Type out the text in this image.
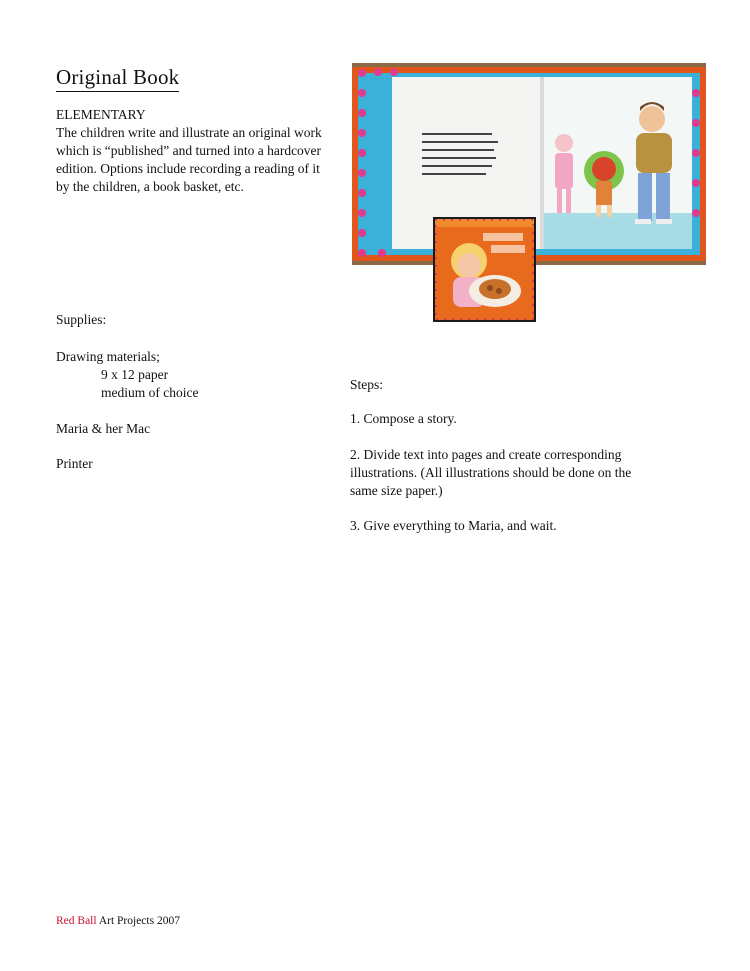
Original Book
ELEMENTARY
The children write and illustrate an original work which is “published” and turned into a hardcover edition. Options include recording a reading of it by the children, a book basket, etc.
Supplies:
Drawing materials;
9 x 12 paper
medium of choice
Maria & her Mac
Printer
Steps:
1. Compose a story.
2. Divide text into pages and create corresponding illustrations. (All illustrations should be done on the same size paper.)
3. Give everything to Maria, and wait.
Red Ball Art Projects 2007
